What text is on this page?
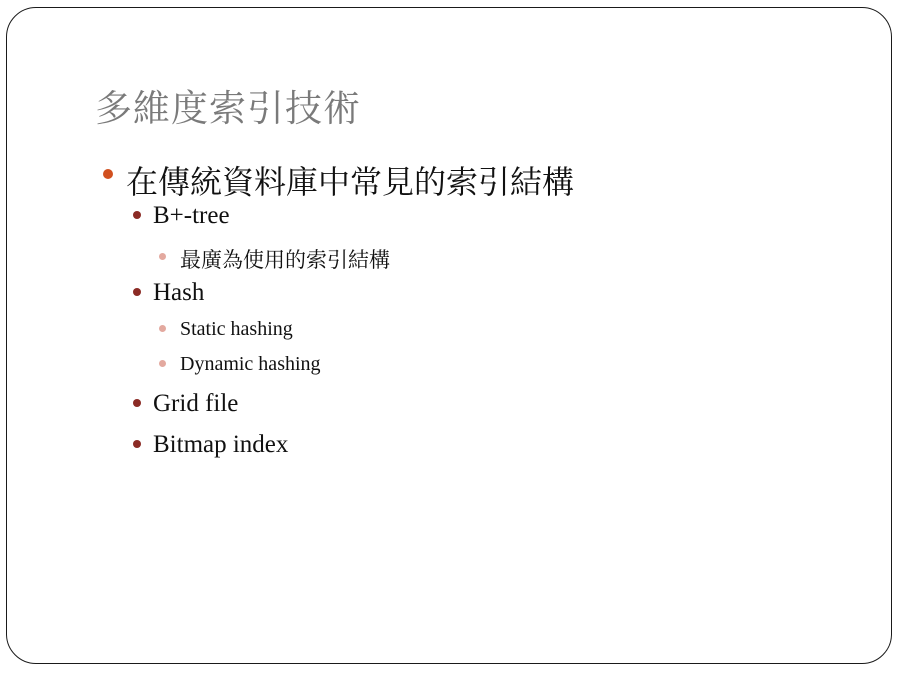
多維度索引技術
在傳統資料庫中常見的索引結構
B+-tree
最廣為使用的索引結構
Hash
Static hashing
Dynamic hashing
Grid file
Bitmap index
